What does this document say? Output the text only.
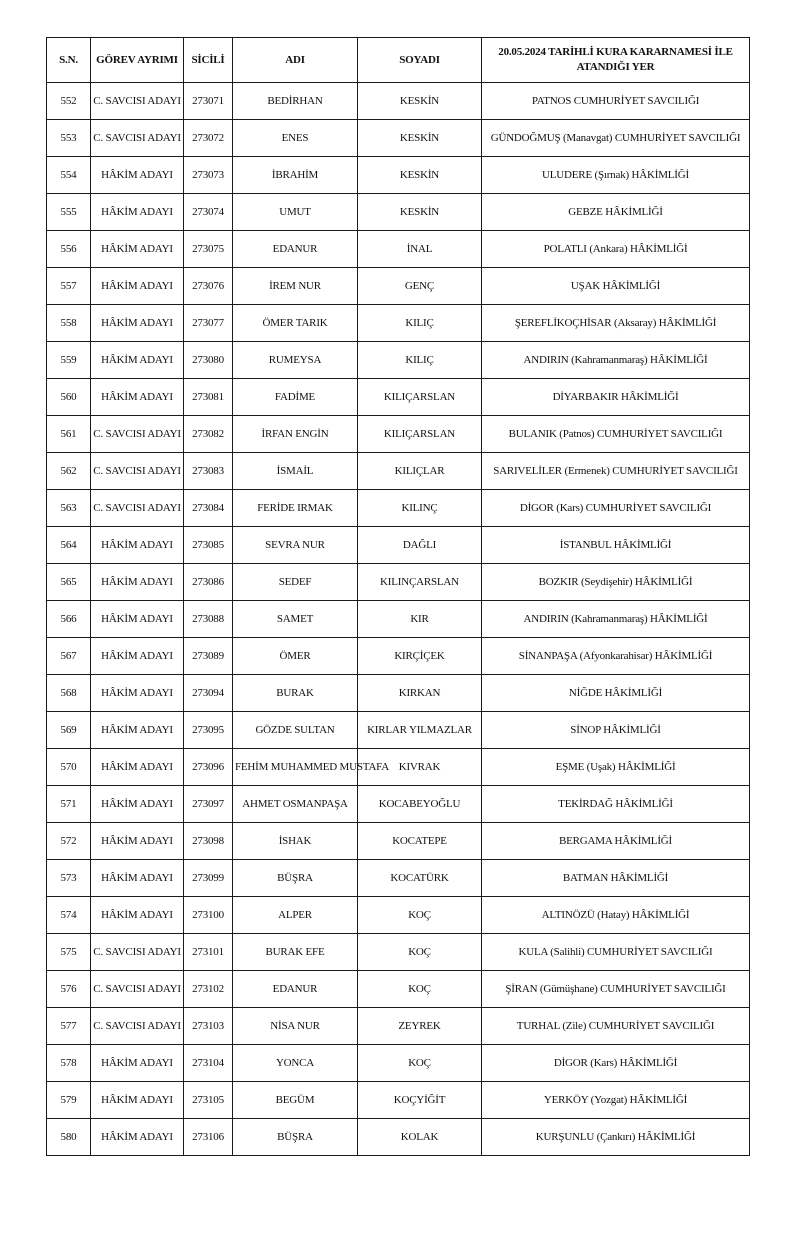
S.N.	GÖREV AYRIMI	SİCİLİ	ADI	SOYADI	20.05.2024 TARİHLİ KURA KARARNAMESİ İLE ATANDIĞI YER
552	C. SAVCISI ADAYI	273071	BEDİRHAN	KESKİN	PATNOS CUMHURİYET SAVCILIĞI
553	C. SAVCISI ADAYI	273072	ENES	KESKİN	GÜNDOĞMUŞ (Manavgat) CUMHURİYET SAVCILIĞI
554	HÂKİM ADAYI	273073	İBRAHİM	KESKİN	ULUDERE (Şırnak) HÂKİMLİĞİ
555	HÂKİM ADAYI	273074	UMUT	KESKİN	GEBZE HÂKİMLİĞİ
556	HÂKİM ADAYI	273075	EDANUR	İNAL	POLATLI (Ankara) HÂKİMLİĞİ
557	HÂKİM ADAYI	273076	İREM NUR	GENÇ	UŞAK HÂKİMLİĞİ
558	HÂKİM ADAYI	273077	ÖMER TARIK	KILIÇ	ŞEREFLİKOÇHİSAR (Aksaray) HÂKİMLİĞİ
559	HÂKİM ADAYI	273080	RUMEYSA	KILIÇ	ANDIRIN (Kahramanmaraş) HÂKİMLİĞİ
560	HÂKİM ADAYI	273081	FADİME	KILIÇARSLAN	DİYARBAKIR HÂKİMLİĞİ
561	C. SAVCISI ADAYI	273082	İRFAN ENGİN	KILIÇARSLAN	BULANIK (Patnos) CUMHURİYET SAVCILIĞI
562	C. SAVCISI ADAYI	273083	İSMAİL	KILIÇLAR	SARIVELİLER (Ermenek) CUMHURİYET SAVCILIĞI
563	C. SAVCISI ADAYI	273084	FERİDE IRMAK	KILINÇ	DİGOR (Kars) CUMHURİYET SAVCILIĞI
564	HÂKİM ADAYI	273085	SEVRA NUR	DAĞLI	İSTANBUL HÂKİMLİĞİ
565	HÂKİM ADAYI	273086	SEDEF	KILINÇARSLAN	BOZKIR (Seydişehir) HÂKİMLİĞİ
566	HÂKİM ADAYI	273088	SAMET	KIR	ANDIRIN (Kahramanmaraş) HÂKİMLİĞİ
567	HÂKİM ADAYI	273089	ÖMER	KIRÇİÇEK	SİNANPAŞA (Afyonkarahisar) HÂKİMLİĞİ
568	HÂKİM ADAYI	273094	BURAK	KIRKAN	NİĞDE HÂKİMLİĞİ
569	HÂKİM ADAYI	273095	GÖZDE SULTAN	KIRLAR YILMAZLAR	SİNOP HÂKİMLİĞİ
570	HÂKİM ADAYI	273096	FEHİM MUHAMMED MUSTAFA	KIVRAK	EŞME (Uşak) HÂKİMLİĞİ
571	HÂKİM ADAYI	273097	AHMET OSMANPAŞA	KOCABEYOĞLU	TEKİRDAĞ HÂKİMLİĞİ
572	HÂKİM ADAYI	273098	İSHAK	KOCATEPE	BERGAMA HÂKİMLİĞİ
573	HÂKİM ADAYI	273099	BÜŞRA	KOCATÜRK	BATMAN HÂKİMLİĞİ
574	HÂKİM ADAYI	273100	ALPER	KOÇ	ALTINÖZÜ (Hatay) HÂKİMLİĞİ
575	C. SAVCISI ADAYI	273101	BURAK EFE	KOÇ	KULA (Salihli) CUMHURİYET SAVCILIĞI
576	C. SAVCISI ADAYI	273102	EDANUR	KOÇ	ŞİRAN (Gümüşhane) CUMHURİYET SAVCILIĞI
577	C. SAVCISI ADAYI	273103	NİSA NUR	ZEYREK	TURHAL (Zile) CUMHURİYET SAVCILIĞI
578	HÂKİM ADAYI	273104	YONCA	KOÇ	DİGOR (Kars) HÂKİMLİĞİ
579	HÂKİM ADAYI	273105	BEGÜM	KOÇYİĞİT	YERKÖY (Yozgat) HÂKİMLİĞİ
580	HÂKİM ADAYI	273106	BÜŞRA	KOLAK	KURŞUNLU (Çankırı) HÂKİMLİĞİ
